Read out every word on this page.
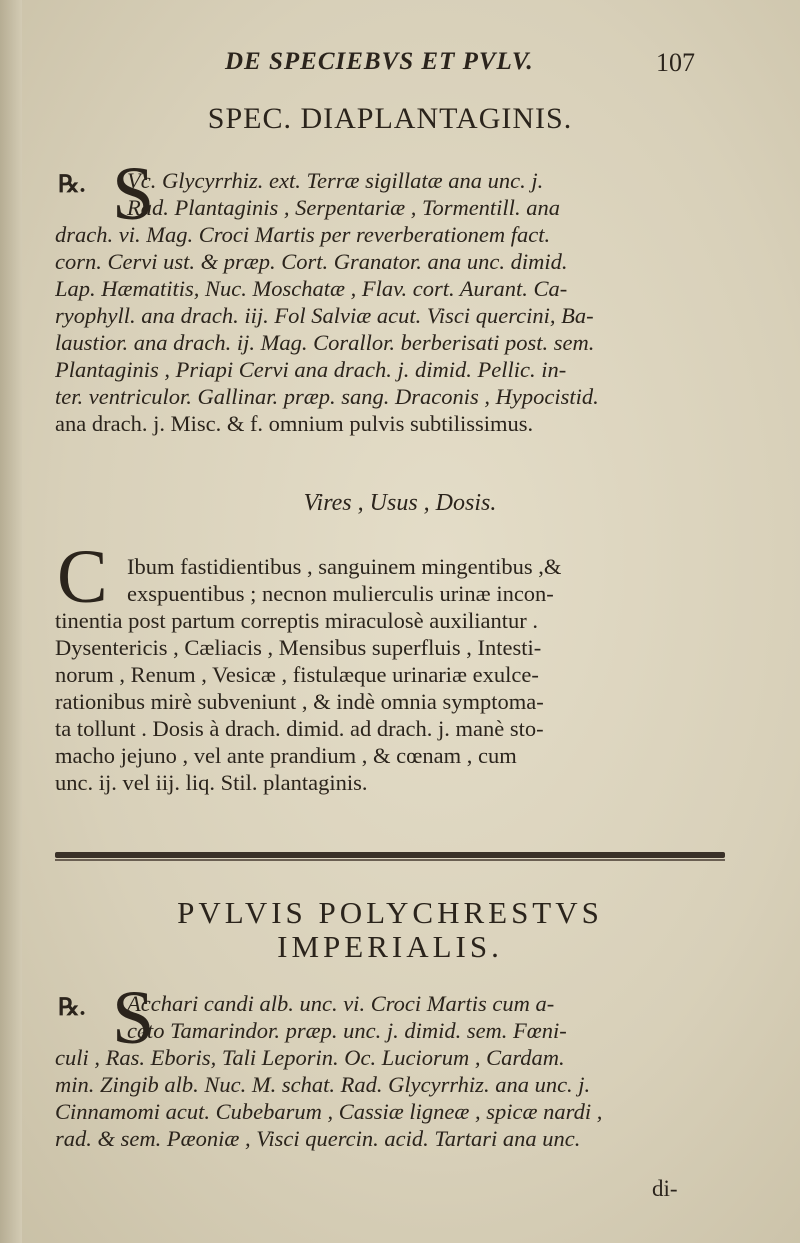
DE SPECIEBVS ET PVLV.	107
SPEC. DIAPLANTAGINIS.
℞. S
Vc. Glycyrrhiz. ext. Terræ sigillatæ ana unc. j.
Rad. Plantaginis , Serpentariæ , Tormentill. ana
drach. vi. Mag. Croci Martis per reverberationem fact.
corn. Cervi ust. & præp. Cort. Granator. ana unc. dimid.
Lap. Hæmatitis, Nuc. Moschatæ , Flav. cort. Aurant. Ca-
ryophyll. ana drach. iij. Fol Salviæ acut. Visci quercini, Ba-
laustior. ana drach. ij. Mag. Corallor. berberisati post. sem.
Plantaginis , Priapi Cervi ana drach. j. dimid. Pellic. in-
ter. ventriculor. Gallinar. præp. sang. Draconis , Hypocistid.
ana drach. j. Misc. & f. omnium pulvis subtilissimus.
Vires , Usus , Dosis.
C Ibum fastidientibus , sanguinem mingentibus ,&
exspuentibus ; necnon mulierculis urinæ incon-
tinentia post partum correptis miraculosè auxiliantur .
Dysentericis , Cæliacis , Mensibus superfluis , Intesti-
norum , Renum , Vesicæ , fistulæque urinariæ exulce-
rationibus mirè subveniunt , & indè omnia symptoma-
ta tollunt . Dosis à drach. dimid. ad drach. j. manè sto-
macho jejuno , vel ante prandium , & cœnam , cum
unc. ij. vel iij. liq. Stil. plantaginis.
PVLVIS POLYCHRESTVS
IMPERIALIS.
℞. S
Acchari candi alb. unc. vi. Croci Martis cum a-
ceto Tamarindor. præp. unc. j. dimid. sem. Fœni-
culi , Ras. Eboris, Tali Leporin. Oc. Luciorum , Cardam.
min. Zingib alb. Nuc. M. schat. Rad. Glycyrrhiz. ana unc. j.
Cinnamomi acut. Cubebarum , Cassiæ ligneæ , spicæ nardi ,
rad. & sem. Pæoniæ , Visci quercin. acid. Tartari ana unc.
di-
